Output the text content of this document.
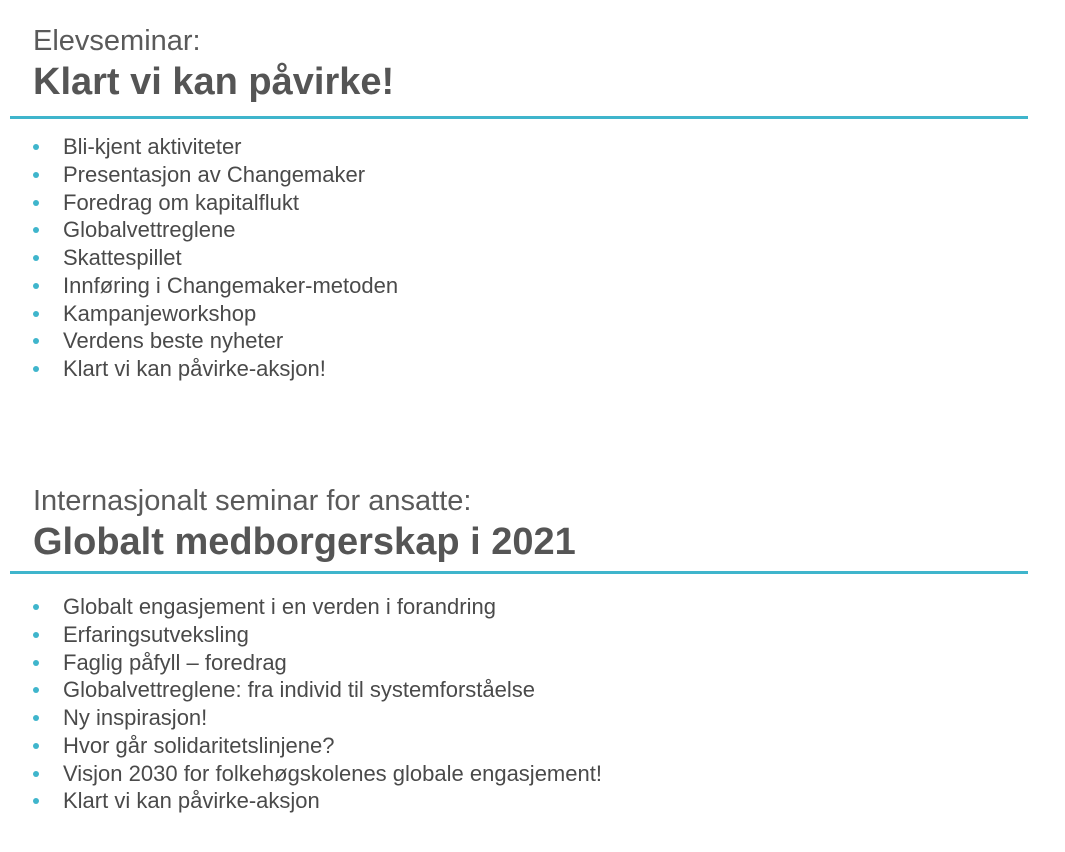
Elevseminar:

Klart vi kan påvirke!
Bli-kjent aktiviteter
Presentasjon av Changemaker
Foredrag om kapitalflukt
Globalvettreglene
Skattespillet
Innføring i Changemaker-metoden
Kampanjeworkshop
Verdens beste nyheter
Klart vi kan påvirke-aksjon!

Internasjonalt seminar for ansatte:

Globalt medborgerskap i 2021
Globalt engasjement i en verden i forandring
Erfaringsutveksling
Faglig påfyll – foredrag
Globalvettreglene: fra individ til systemforståelse
Ny inspirasjon!
Hvor går solidaritetslinjene?
Visjon 2030 for folkehøgskolenes globale engasjement!
Klart vi kan påvirke-aksjon
